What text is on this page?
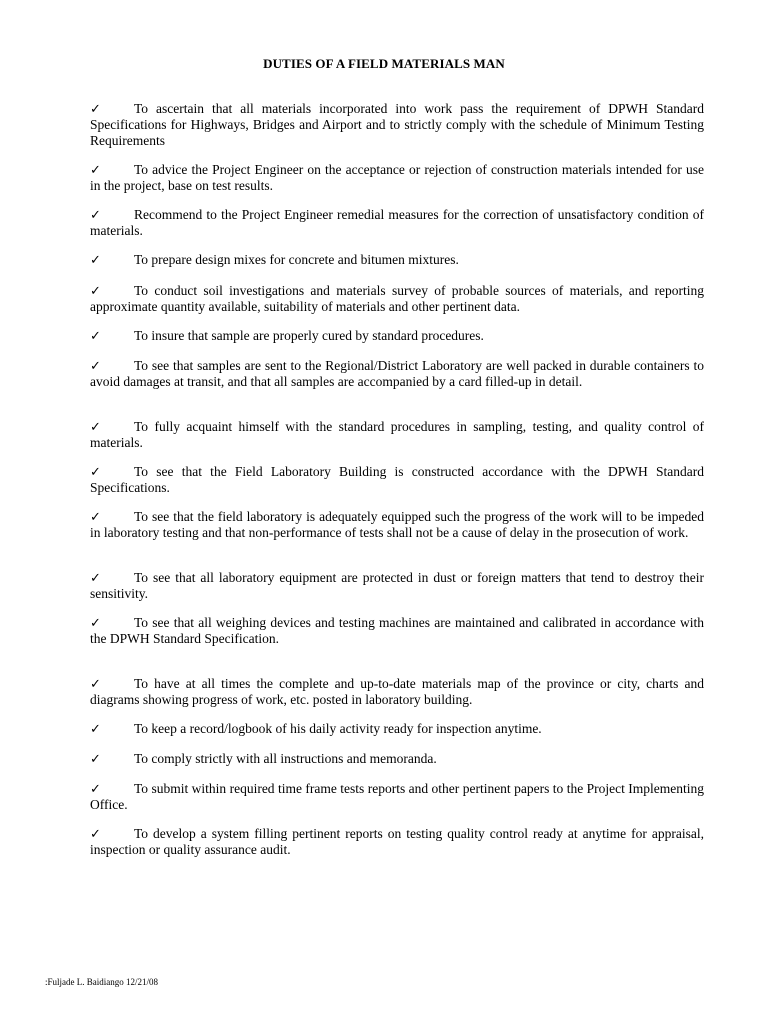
DUTIES OF A FIELD MATERIALS MAN

✓ To ascertain that all materials incorporated into work pass the requirement of DPWH Standard Specifications for Highways, Bridges and Airport and to strictly comply with the schedule of Minimum Testing Requirements

✓ To advice the Project Engineer on the acceptance or rejection of construction materials intended for use in the project, base on test results.

✓ Recommend to the Project Engineer remedial measures for the correction of unsatisfactory condition of materials.

✓ To prepare design mixes for concrete and bitumen mixtures.

✓ To conduct soil investigations and materials survey of probable sources of materials, and reporting approximate quantity available, suitability of materials and other pertinent data.

✓ To insure that sample are properly cured by standard procedures.

✓ To see that samples are sent to the Regional/District Laboratory are well packed in durable containers to avoid damages at transit, and that all samples are accompanied by a card filled-up in detail.

✓ To fully acquaint himself with the standard procedures in sampling, testing, and quality control of materials.

✓ To see that the Field Laboratory Building is constructed accordance with the DPWH Standard Specifications.

✓ To see that the field laboratory is adequately equipped such the progress of the work will to be impeded in laboratory testing and that non-performance of tests shall not be a cause of delay in the prosecution of work.

✓ To see that all laboratory equipment are protected in dust or foreign matters that tend to destroy their sensitivity.

✓ To see that all weighing devices and testing machines are maintained and calibrated in accordance with the DPWH Standard Specification.

✓ To have at all times the complete and up-to-date materials map of the province or city, charts and diagrams showing progress of work, etc. posted in laboratory building.

✓ To keep a record/logbook of his daily activity ready for inspection anytime.

✓ To comply strictly with all instructions and memoranda.

✓ To submit within required time frame tests reports and other pertinent papers to the Project Implementing Office.

✓ To develop a system filling pertinent reports on testing quality control ready at anytime for appraisal, inspection or quality assurance audit.

:Fuljade L. Baidiango 12/21/08
